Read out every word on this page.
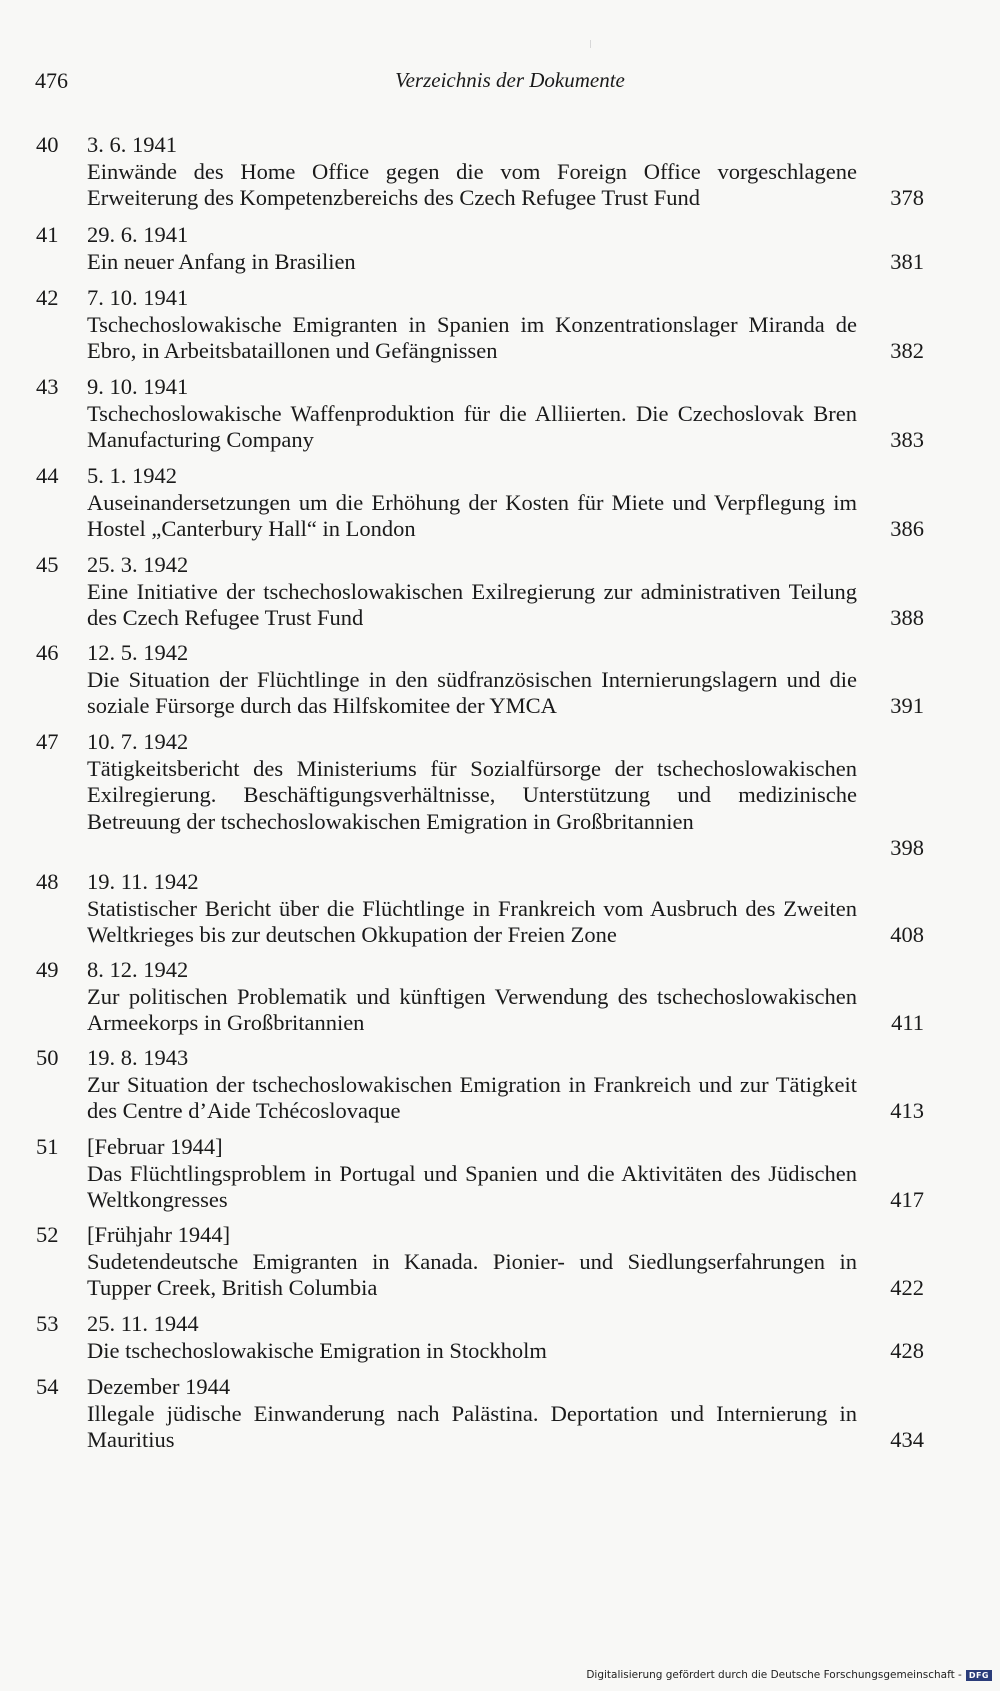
476	Verzeichnis der Dokumente
40	3. 6. 1941
Einwände des Home Office gegen die vom Foreign Office vorgeschlagene Erweiterung des Kompetenzbereichs des Czech Refugee Trust Fund	378
41	29. 6. 1941
Ein neuer Anfang in Brasilien	381
42	7. 10. 1941
Tschechoslowakische Emigranten in Spanien im Konzentrationslager Miranda de Ebro, in Arbeitsbataillonen und Gefängnissen	382
43	9. 10. 1941
Tschechoslowakische Waffenproduktion für die Alliierten. Die Czechoslovak Bren Manufacturing Company	383
44	5. 1. 1942
Auseinandersetzungen um die Erhöhung der Kosten für Miete und Verpflegung im Hostel „Canterbury Hall“ in London	386
45	25. 3. 1942
Eine Initiative der tschechoslowakischen Exilregierung zur administrativen Teilung des Czech Refugee Trust Fund	388
46	12. 5. 1942
Die Situation der Flüchtlinge in den südfranzösischen Internierungslagern und die soziale Fürsorge durch das Hilfskomitee der YMCA	391
47	10. 7. 1942
Tätigkeitsbericht des Ministeriums für Sozialfürsorge der tschechoslowakischen Exilregierung. Beschäftigungsverhältnisse, Unterstützung und medizinische Betreuung der tschechoslowakischen Emigration in Großbritannien
398
48	19. 11. 1942
Statistischer Bericht über die Flüchtlinge in Frankreich vom Ausbruch des Zweiten Weltkrieges bis zur deutschen Okkupation der Freien Zone	408
49	8. 12. 1942
Zur politischen Problematik und künftigen Verwendung des tschechoslowakischen Armeekorps in Großbritannien	411
50	19. 8. 1943
Zur Situation der tschechoslowakischen Emigration in Frankreich und zur Tätigkeit des Centre d’Aide Tchécoslovaque	413
51	[Februar 1944]
Das Flüchtlingsproblem in Portugal und Spanien und die Aktivitäten des Jüdischen Weltkongresses	417
52	[Frühjahr 1944]
Sudetendeutsche Emigranten in Kanada. Pionier- und Siedlungserfahrungen in Tupper Creek, British Columbia	422
53	25. 11. 1944
Die tschechoslowakische Emigration in Stockholm	428
54	Dezember 1944
Illegale jüdische Einwanderung nach Palästina. Deportation und Internierung in Mauritius	434
Digitalisierung gefördert durch die Deutsche Forschungsgemeinschaft - DFG
